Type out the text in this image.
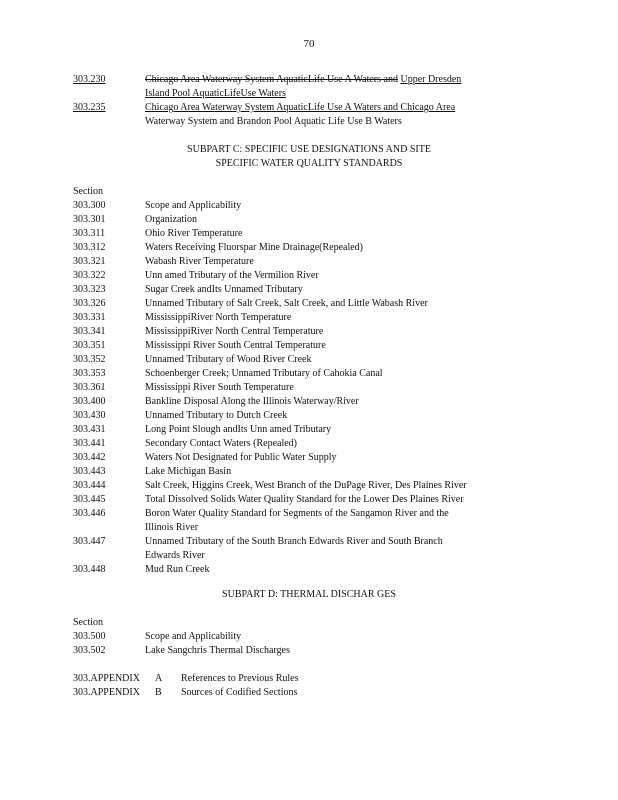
70
303.230	Chicago Area Waterway System AquaticLife Use A Waters and Upper Dresden
Island Pool AquaticLifeUse Waters
303.235	Chicago Area Waterway System AquaticLife Use A Waters and Chicago Area
Waterway System and Brandon Pool Aquatic Life Use B Waters
SUBPART C: SPECIFIC USE DESIGNATIONS AND SITE
SPECIFIC WATER QUALITY STANDARDS
Section
303.300	Scope and Applicability
303.301	Organization
303.311	Ohio River Temperature
303.312	Waters Receiving Fluorspar Mine Drainage(Repealed)
303.321	Wabash River Temperature
303.322	Unn amed Tributary of the Vermilion River
303.323	Sugar Creek andIts Unnamed Tributary
303.326	Unnamed Tributary of Salt Creek, Salt Creek, and Little Wabash River
303.331	MississippiRiver North Temperature
303.341	MississippiRiver North Central Temperature
303.351	Mississippi River South Central Temperature
303.352	Unnamed Tributary of Wood River Creek
303.353	Schoenberger Creek; Unnamed Tributary of Cahokia Canal
303.361	Mississippi River South Temperature
303.400	Bankline Disposal Along the Illinois Waterway/River
303.430	Unnamed Tributary to Dutch Creek
303.431	Long Point Slough andIts Unn amed Tributary
303.441	Secondary Contact Waters (Repealed)
303.442	Waters Not Designated for Public Water Supply
303.443	Lake Michigan Basin
303.444	Salt Creek, Higgins Creek, West Branch of the DuPage River, Des Plaines River
303.445	Total Dissolved Solids Water Quality Standard for the Lower Des Plaines River
303.446	Boron Water Quality Standard for Segments of the Sangamon River and the
Illinois River
303.447	Unnamed Tributary of the South Branch Edwards River and South Branch
Edwards River
303.448	Mud Run Creek
SUBPART D: THERMAL DISCHAR GES
Section
303.500	Scope and Applicability
303.502	Lake Sangchris Thermal Discharges
303.APPENDIX A References to Previous Rules
303.APPENDIX B Sources of Codified Sections
